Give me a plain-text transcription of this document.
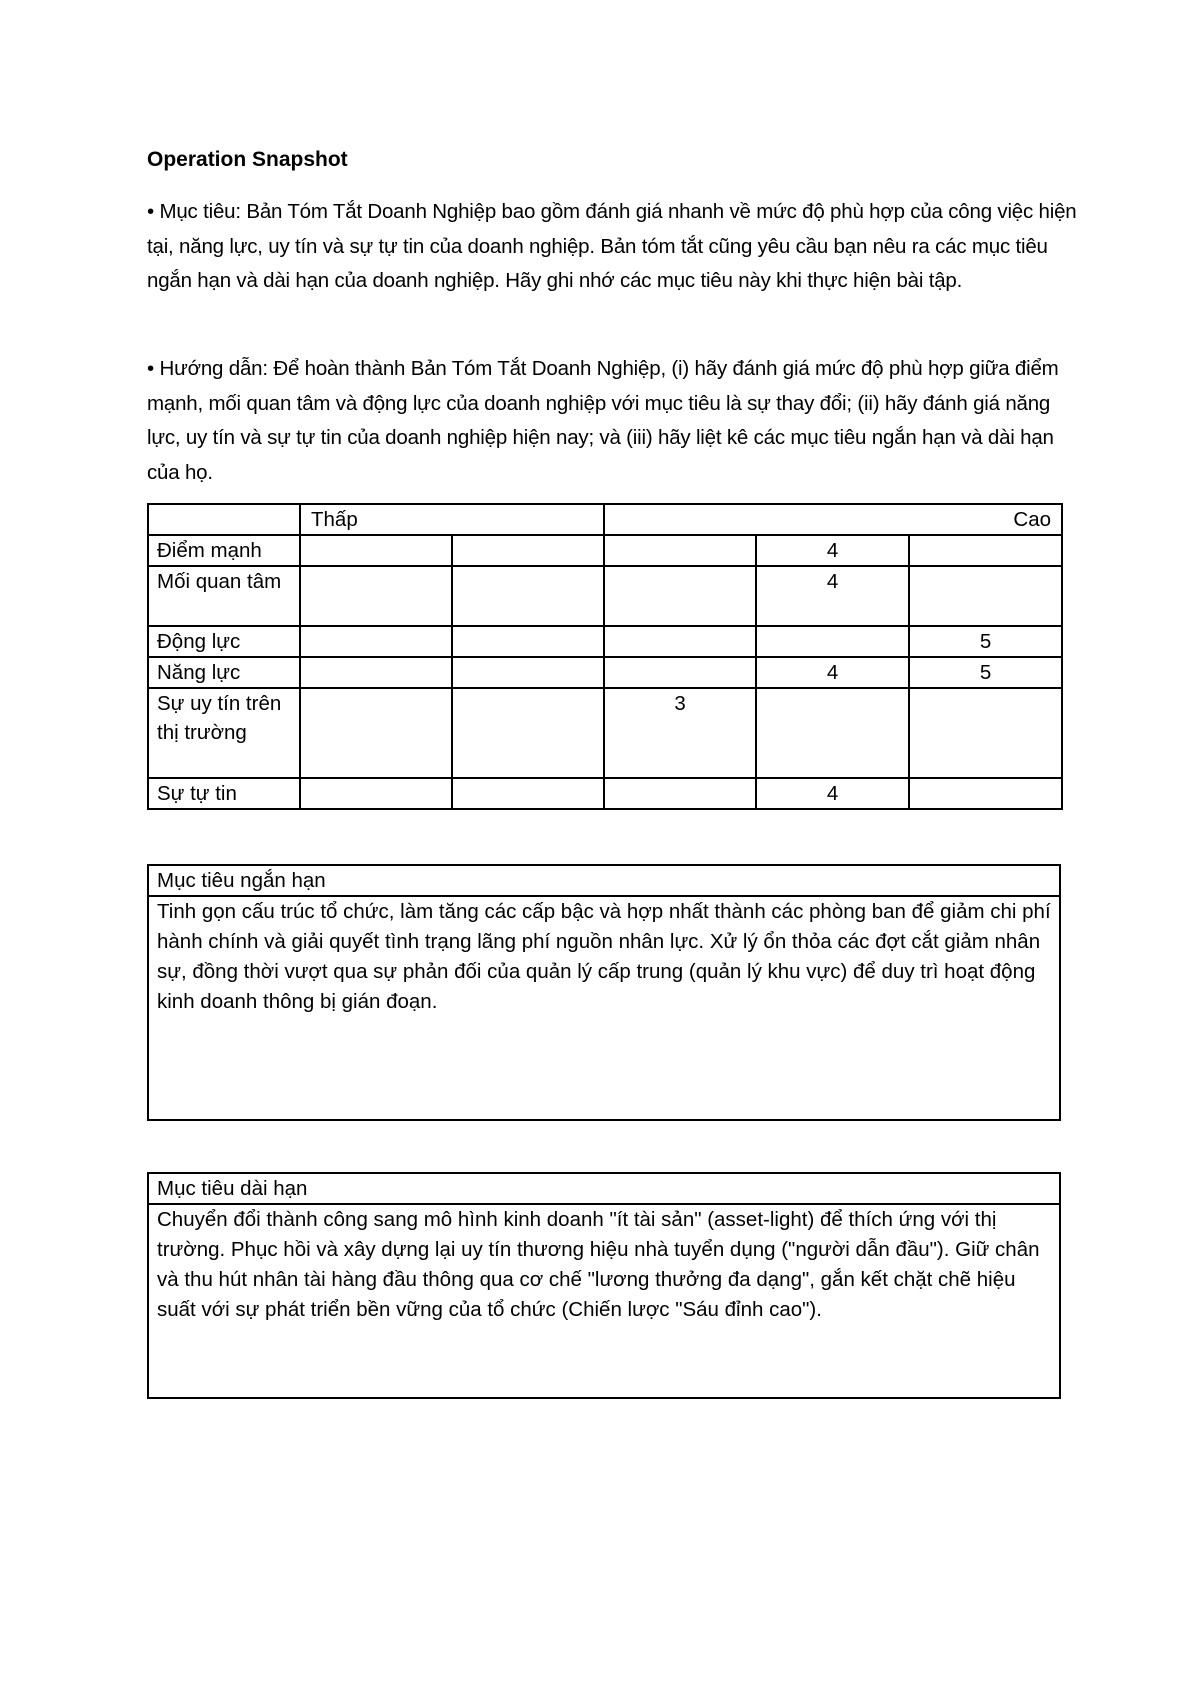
Operation Snapshot
• Mục tiêu: Bản Tóm Tắt Doanh Nghiệp bao gồm đánh giá nhanh về mức độ phù hợp của công việc hiện tại, năng lực, uy tín và sự tự tin của doanh nghiệp. Bản tóm tắt cũng yêu cầu bạn nêu ra các mục tiêu ngắn hạn và dài hạn của doanh nghiệp. Hãy ghi nhớ các mục tiêu này khi thực hiện bài tập.
• Hướng dẫn: Để hoàn thành Bản Tóm Tắt Doanh Nghiệp, (i) hãy đánh giá mức độ phù hợp giữa điểm mạnh, mối quan tâm và động lực của doanh nghiệp với mục tiêu là sự thay đổi; (ii) hãy đánh giá năng lực, uy tín và sự tự tin của doanh nghiệp hiện nay; và (iii) hãy liệt kê các mục tiêu ngắn hạn và dài hạn của họ.
	Thấp		Cao		
Điểm mạnh				4	
Mối quan tâm				4	
Động lực					5
Năng lực				4	5
Sự uy tín trên thị trường			3		
Sự tự tin				4	
Mục tiêu ngắn hạn
Tinh gọn cấu trúc tổ chức, làm tăng các cấp bậc và hợp nhất thành các phòng ban để giảm chi phí hành chính và giải quyết tình trạng lãng phí nguồn nhân lực. Xử lý ổn thỏa các đợt cắt giảm nhân sự, đồng thời vượt qua sự phản đối của quản lý cấp trung (quản lý khu vực) để duy trì hoạt động kinh doanh thông bị gián đoạn.
Mục tiêu dài hạn
Chuyển đổi thành công sang mô hình kinh doanh "ít tài sản" (asset-light) để thích ứng với thị trường. Phục hồi và xây dựng lại uy tín thương hiệu nhà tuyển dụng ("người dẫn đầu"). Giữ chân và thu hút nhân tài hàng đầu thông qua cơ chế "lương thưởng đa dạng", gắn kết chặt chẽ hiệu suất với sự phát triển bền vững của tổ chức (Chiến lược "Sáu đỉnh cao").
